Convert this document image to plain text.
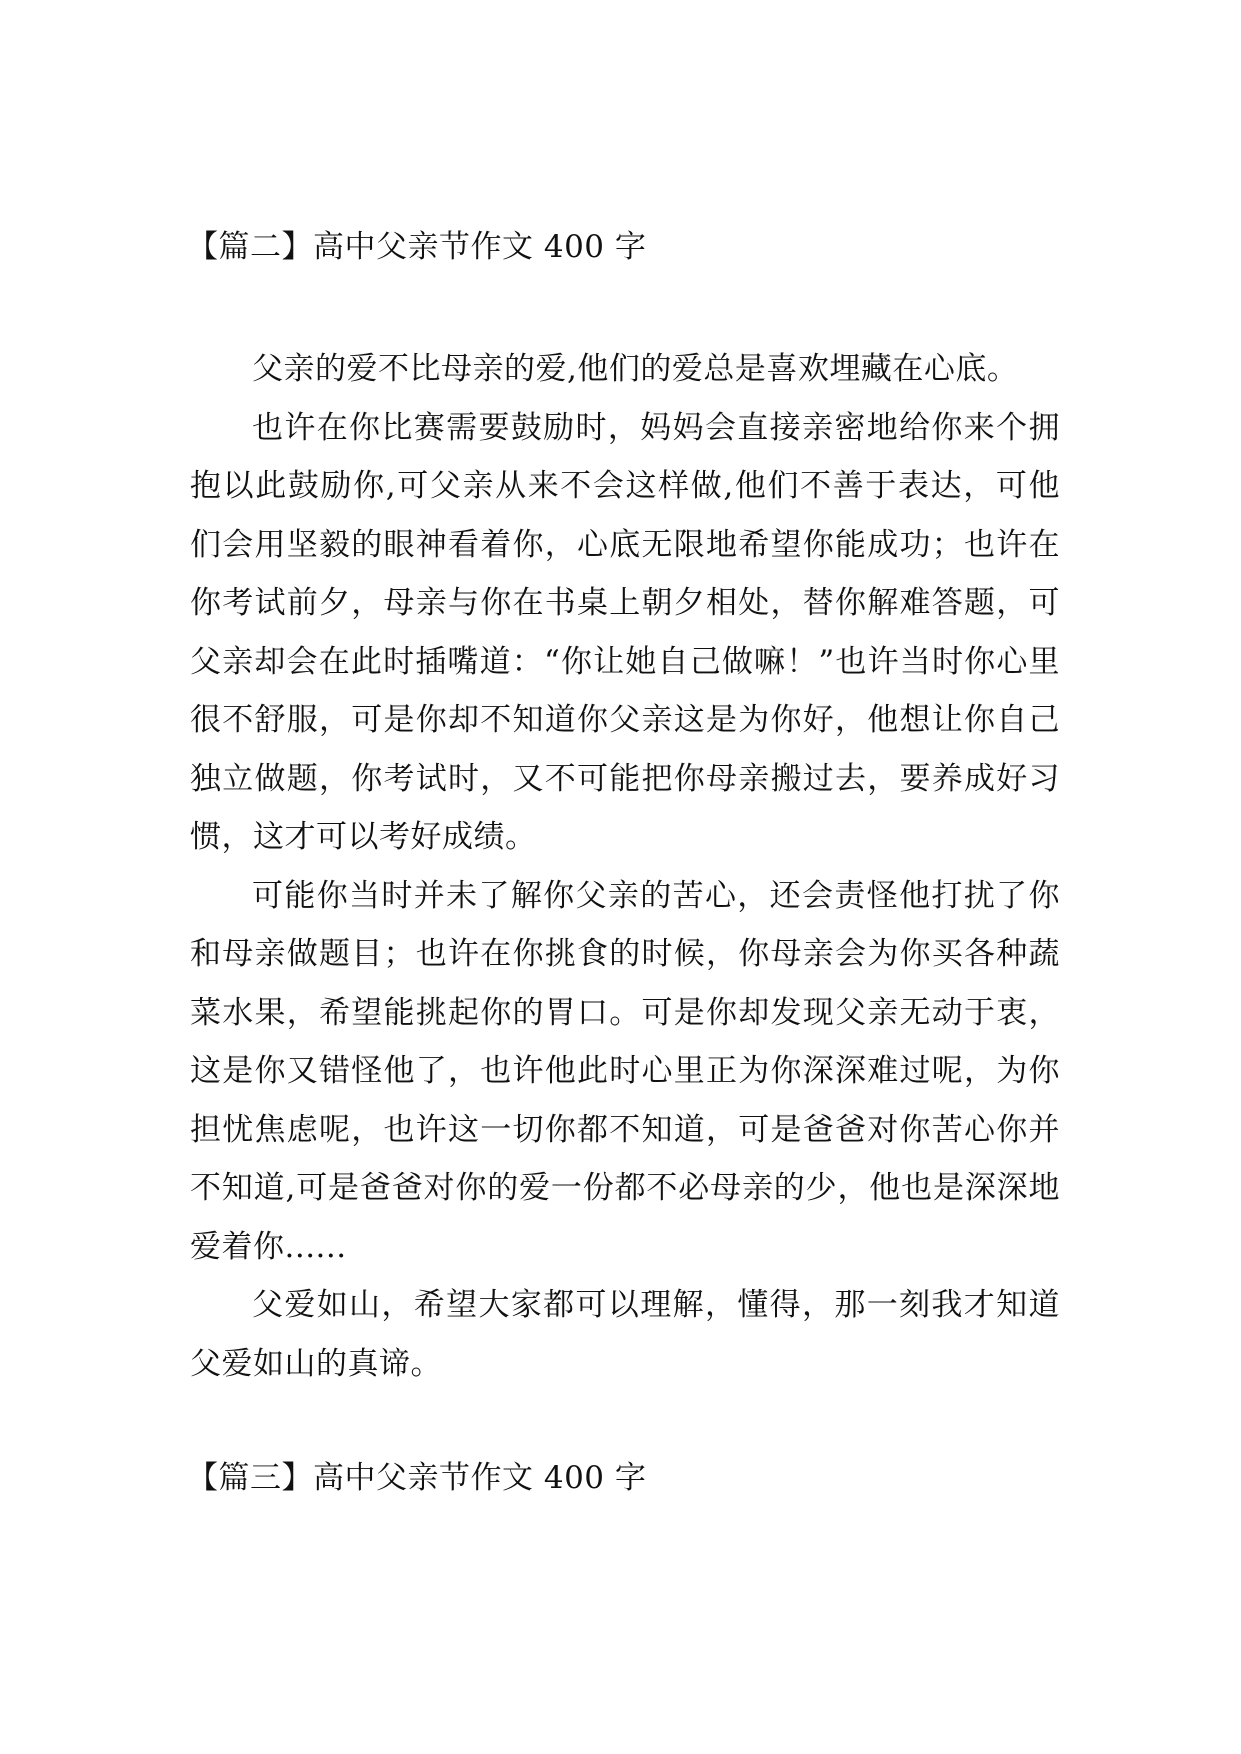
【篇二】高中父亲节作文 400 字

父亲的爱不比母亲的爱,他们的爱总是喜欢埋藏在心底。

也许在你比赛需要鼓励时，妈妈会直接亲密地给你来个拥抱以此鼓励你,可父亲从来不会这样做,他们不善于表达，可他们会用坚毅的眼神看着你，心底无限地希望你能成功；也许在你考试前夕，母亲与你在书桌上朝夕相处，替你解难答题，可父亲却会在此时插嘴道：“你让她自己做嘛！”也许当时你心里很不舒服，可是你却不知道你父亲这是为你好，他想让你自己独立做题，你考试时，又不可能把你母亲搬过去，要养成好习惯，这才可以考好成绩。

可能你当时并未了解你父亲的苦心，还会责怪他打扰了你和母亲做题目；也许在你挑食的时候，你母亲会为你买各种蔬菜水果，希望能挑起你的胃口。可是你却发现父亲无动于衷，这是你又错怪他了，也许他此时心里正为你深深难过呢，为你担忧焦虑呢，也许这一切你都不知道，可是爸爸对你苦心你并不知道,可是爸爸对你的爱一份都不必母亲的少，他也是深深地爱着你......

父爱如山，希望大家都可以理解，懂得，那一刻我才知道父爱如山的真谛。

【篇三】高中父亲节作文 400 字
